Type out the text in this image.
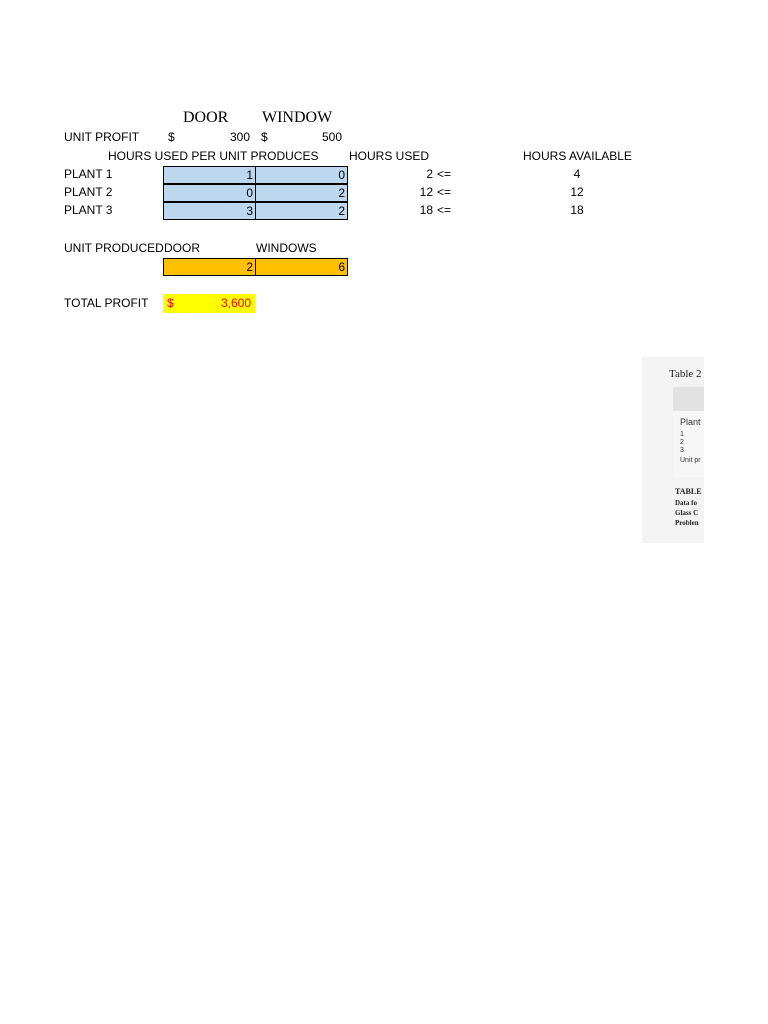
DOOR WINDOW
UNIT PROFIT $	300 $	500
HOURS USED PER UNIT PRODUCES	HOURS USED	HOURS AVAILABLE
PLANT 1	1	0	2 <=	4
PLANT 2	0	2	12 <=	12
PLANT 3	3	2	18 <=	18
UNIT PRODUCED DOOR	WINDOWS
2	6
TOTAL PROFIT $	3,600
Table 2
Plant
1
2
3
Unit pr
TABLE
Data fo
Glass C
Problen
